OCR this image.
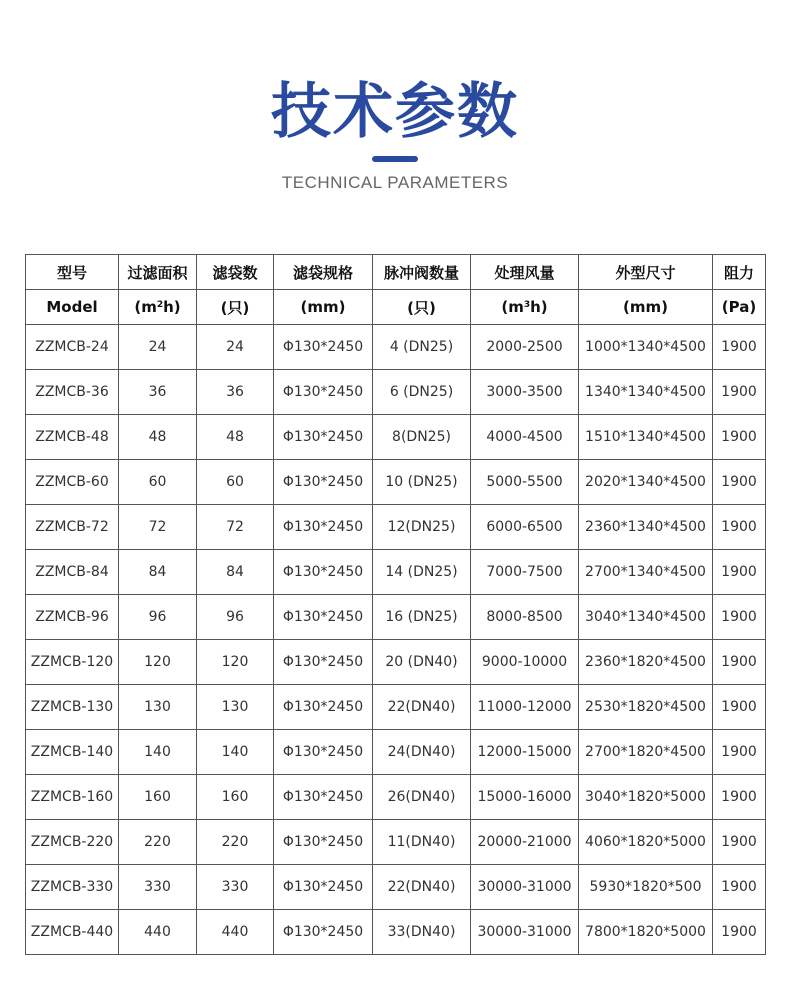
技术参数
TECHNICAL PARAMETERS
型号	过滤面积	滤袋数	滤袋规格	脉冲阀数量	处理风量	外型尺寸	阻力
Model	$(m^2h)$	(只)	(mm)	(只)	$(m^3h)$	(mm)	(Pa)
ZZMCB-24	24	24	Φ130*2450	4 (DN25)	2000-2500	1000*1340*4500	1900
ZZMCB-36	36	36	Φ130*2450	6 (DN25)	3000-3500	1340*1340*4500	1900
ZZMCB-48	48	48	Φ130*2450	8(DN25)	4000-4500	1510*1340*4500	1900
ZZMCB-60	60	60	Φ130*2450	10 (DN25)	5000-5500	2020*1340*4500	1900
ZZMCB-72	72	72	Φ130*2450	12(DN25)	6000-6500	2360*1340*4500	1900
ZZMCB-84	84	84	Φ130*2450	14 (DN25)	7000-7500	2700*1340*4500	1900
ZZMCB-96	96	96	Φ130*2450	16 (DN25)	8000-8500	3040*1340*4500	1900
ZZMCB-120	120	120	Φ130*2450	20 (DN40)	9000-10000	2360*1820*4500	1900
ZZMCB-130	130	130	Φ130*2450	22(DN40)	11000-12000	2530*1820*4500	1900
ZZMCB-140	140	140	Φ130*2450	24(DN40)	12000-15000	2700*1820*4500	1900
ZZMCB-160	160	160	Φ130*2450	26(DN40)	15000-16000	3040*1820*5000	1900
ZZMCB-220	220	220	Φ130*2450	11(DN40)	20000-21000	4060*1820*5000	1900
ZZMCB-330	330	330	Φ130*2450	22(DN40)	30000-31000	5930*1820*500	1900
ZZMCB-440	440	440	Φ130*2450	33(DN40)	30000-31000	7800*1820*5000	1900
